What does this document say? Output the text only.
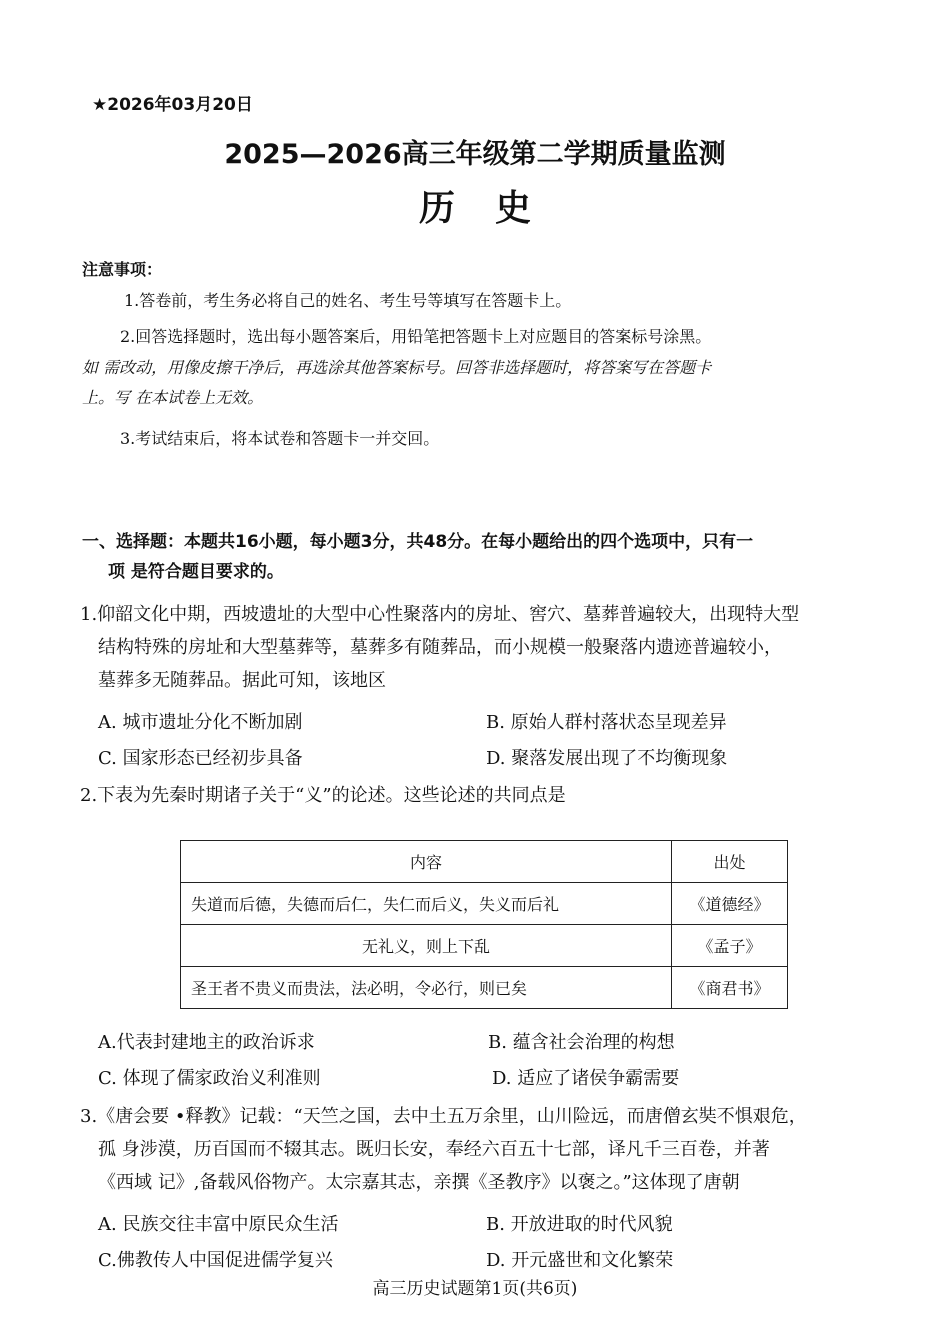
★2026年03月20日
2025—2026高三年级第二学期质量监测
历史
注意事项：
1.答卷前，考生务必将自己的姓名、考生号等填写在答题卡上。
2.回答选择题时，选出每小题答案后，用铅笔把答题卡上对应题目的答案标号涂黑。
如 需改动，用像皮擦干净后，再选涂其他答案标号。回答非选择题时，将答案写在答题卡
上。写 在本试卷上无效。
3.考试结束后，将本试卷和答题卡一并交回。
一、选择题：本题共16小题，每小题3分，共48分。在每小题给出的四个选项中，只有一
项 是符合题目要求的。
1.仰韶文化中期，西坡遗址的大型中心性聚落内的房址、窖穴、墓葬普遍较大，出现特大型
结构特殊的房址和大型墓葬等，墓葬多有随葬品，而小规模一般聚落内遗迹普遍较小，
墓葬多无随葬品。据此可知，该地区
A. 城市遗址分化不断加剧	B. 原始人群村落状态呈现差异
C. 国家形态已经初步具备	D. 聚落发展出现了不均衡现象
2.下表为先秦时期诸子关于“义”的论述。这些论述的共同点是
内容	出处
失道而后德，失德而后仁，失仁而后义，失义而后礼	《道德经》
无礼义，则上下乱	《孟子》
圣王者不贵义而贵法，法必明，令必行，则已矣	《商君书》
A.代表封建地主的政治诉求	B. 蕴含社会治理的构想
C. 体现了儒家政治义利准则	D. 适应了诸侯争霸需要
3.《唐会要 •释教》记载：“天竺之国，去中土五万余里，山川险远，而唐僧玄奘不惧艰危，
孤 身涉漠，历百国而不辍其志。既归长安，奉经六百五十七部，译凡千三百卷，并著
《西域 记》,备载风俗物产。太宗嘉其志，亲撰《圣教序》以褒之。”这体现了唐朝
A. 民族交往丰富中原民众生活	B. 开放进取的时代风貌
C.佛教传人中国促进儒学复兴	D. 开元盛世和文化繁荣
高三历史试题第1页(共6页)
